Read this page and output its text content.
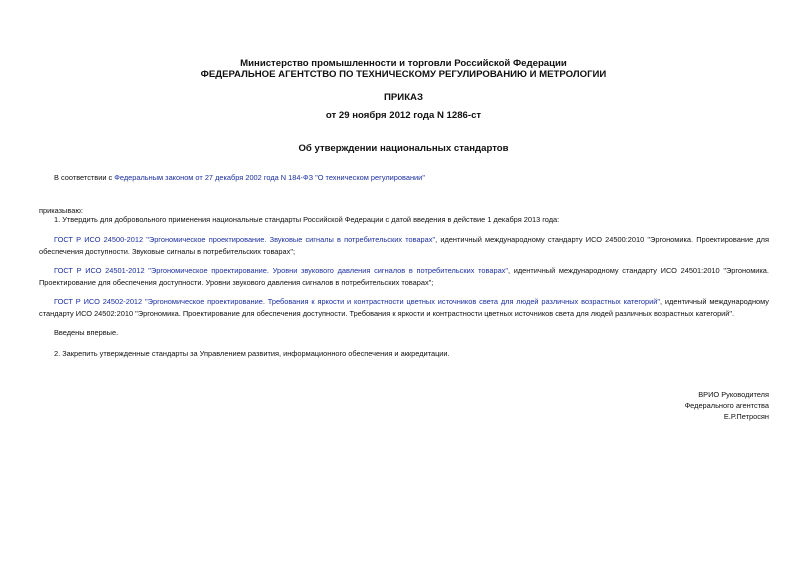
Министерство промышленности и торговли Российской Федерации
ФЕДЕРАЛЬНОЕ АГЕНТСТВО ПО ТЕХНИЧЕСКОМУ РЕГУЛИРОВАНИЮ И МЕТРОЛОГИИ
ПРИКАЗ
от 29 ноября 2012 года N 1286-ст
Об утверждении национальных стандартов
В соответствии с Федеральным законом от 27 декабря 2002 года N 184-ФЗ "О техническом регулировании"
приказываю:
1. Утвердить для добровольного применения национальные стандарты Российской Федерации с датой введения в действие 1 декабря 2013 года:
ГОСТ Р ИСО 24500-2012 "Эргономическое проектирование. Звуковые сигналы в потребительских товарах", идентичный международному стандарту ИСО 24500:2010 "Эргономика. Проектирование для обеспечения доступности. Звуковые сигналы в потребительских товарах";
ГОСТ Р ИСО 24501-2012 "Эргономическое проектирование. Уровни звукового давления сигналов в потребительских товарах", идентичный международному стандарту ИСО 24501:2010 "Эргономика. Проектирование для обеспечения доступности. Уровни звукового давления сигналов в потребительских товарах";
ГОСТ Р ИСО 24502-2012 "Эргономическое проектирование. Требования к яркости и контрастности цветных источников света для людей различных возрастных категорий", идентичный международному стандарту ИСО 24502:2010 "Эргономика. Проектирование для обеспечения доступности. Требования к яркости и контрастности цветных источников света для людей различных возрастных категорий".
Введены впервые.
2. Закрепить утвержденные стандарты за Управлением развития, информационного обеспечения и аккредитации.
ВРИО Руководителя
Федерального агентства
Е.Р.Петросян
